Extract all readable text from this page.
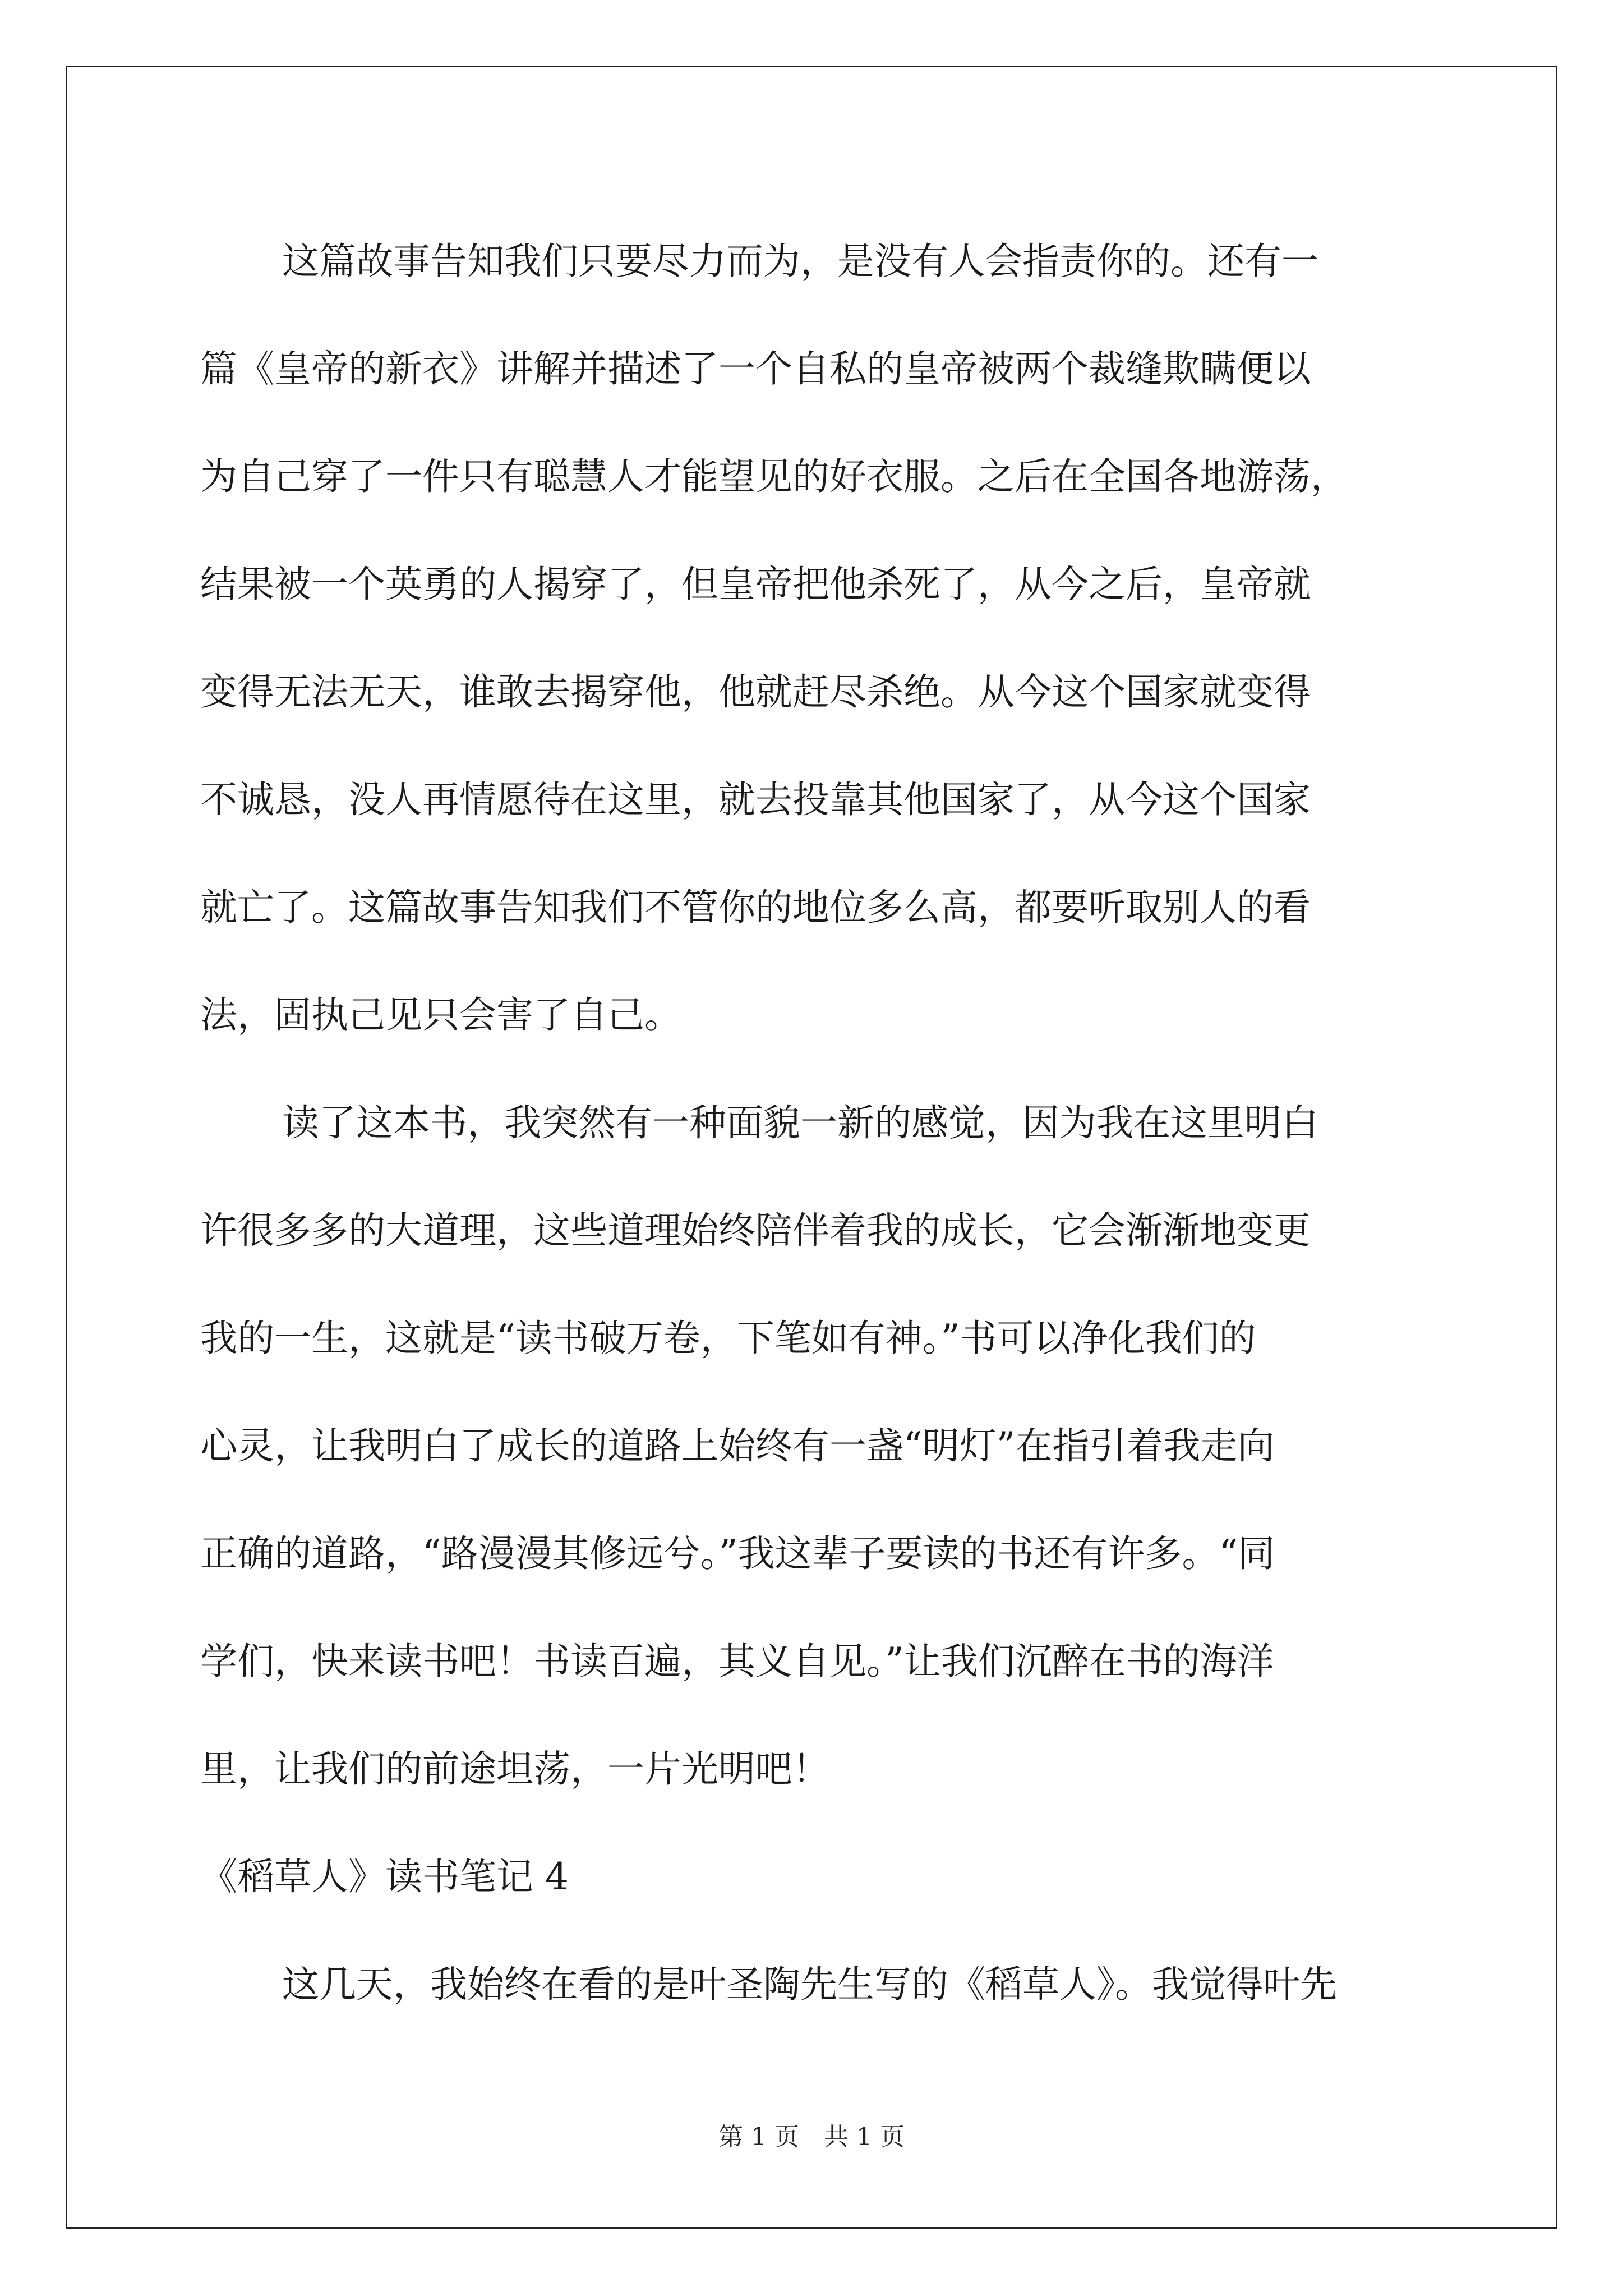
这篇故事告知我们只要尽力而为，是没有人会指责你的。还有一
篇《皇帝的新衣》讲解并描述了一个自私的皇帝被两个裁缝欺瞒便以
为自己穿了一件只有聪慧人才能望见的好衣服。之后在全国各地游荡，
结果被一个英勇的人揭穿了，但皇帝把他杀死了，从今之后，皇帝就
变得无法无天，谁敢去揭穿他，他就赶尽杀绝。从今这个国家就变得
不诚恳，没人再情愿待在这里，就去投靠其他国家了，从今这个国家
就亡了。这篇故事告知我们不管你的地位多么高，都要听取别人的看
法，固执己见只会害了自己。
读了这本书，我突然有一种面貌一新的感觉，因为我在这里明白
许很多多的大道理，这些道理始终陪伴着我的成长，它会渐渐地变更
我的一生，这就是“读书破万卷，下笔如有神。”书可以净化我们的
心灵，让我明白了成长的道路上始终有一盏“明灯”在指引着我走向
正确的道路，“路漫漫其修远兮。”我这辈子要读的书还有许多。“同
学们，快来读书吧！书读百遍，其义自见。”让我们沉醉在书的海洋
里，让我们的前途坦荡，一片光明吧！
《稻草人》读书笔记 4
这几天，我始终在看的是叶圣陶先生写的《稻草人》。我觉得叶先
第 1 页　共 1 页
